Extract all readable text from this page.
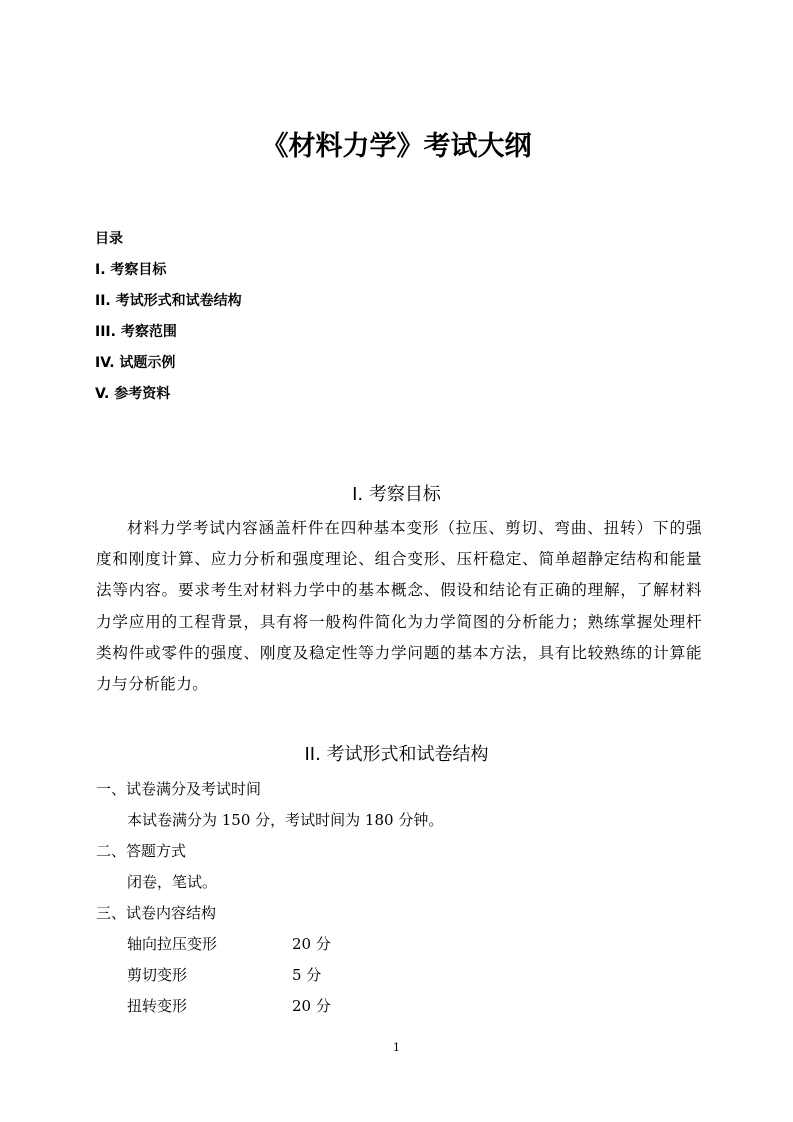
《材料力学》考试大纲
目录
I. 考察目标
II. 考试形式和试卷结构
III. 考察范围
IV. 试题示例
V. 参考资料
I. 考察目标
材料力学考试内容涵盖杆件在四种基本变形（拉压、剪切、弯曲、扭转）下的强度和刚度计算、应力分析和强度理论、组合变形、压杆稳定、简单超静定结构和能量法等内容。要求考生对材料力学中的基本概念、假设和结论有正确的理解，了解材料力学应用的工程背景，具有将一般构件简化为力学简图的分析能力；熟练掌握处理杆类构件或零件的强度、刚度及稳定性等力学问题的基本方法，具有比较熟练的计算能力与分析能力。
II. 考试形式和试卷结构
一、试卷满分及考试时间
本试卷满分为 150 分，考试时间为 180 分钟。
二、答题方式
闭卷，笔试。
三、试卷内容结构
轴向拉压变形	20 分
剪切变形	5 分
扭转变形	20 分
1
